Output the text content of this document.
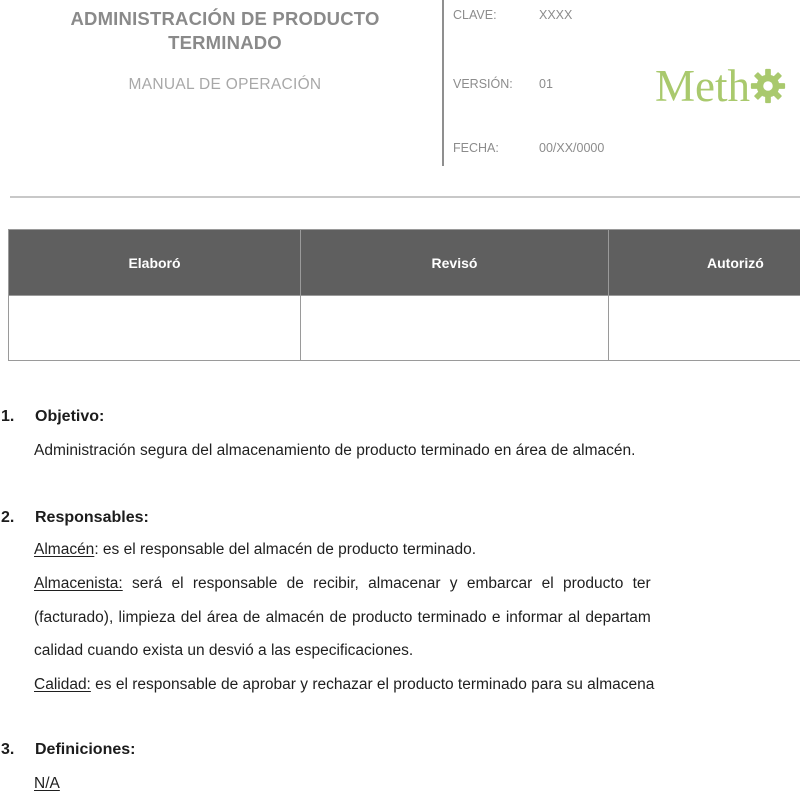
ADMINISTRACIÓN DE PRODUCTO
TERMINADO
MANUAL DE OPERACIÓN
CLAVE:	XXXX
VERSIÓN: 01
FECHA:	00/XX/0000
Meth
Elaboró	Revisó	Autorizó

1. Objetivo:
Administración segura del almacenamiento de producto terminado en área de almacén.
2. Responsables:
Almacén: es el responsable del almacén de producto terminado.
Almacenista: será el responsable de recibir, almacenar y embarcar el producto ter
(facturado), limpieza del área de almacén de producto terminado e informar al departam
calidad cuando exista un desvió a las especificaciones.
Calidad: es el responsable de aprobar y rechazar el producto terminado para su almacena
3. Definiciones:
N/A
